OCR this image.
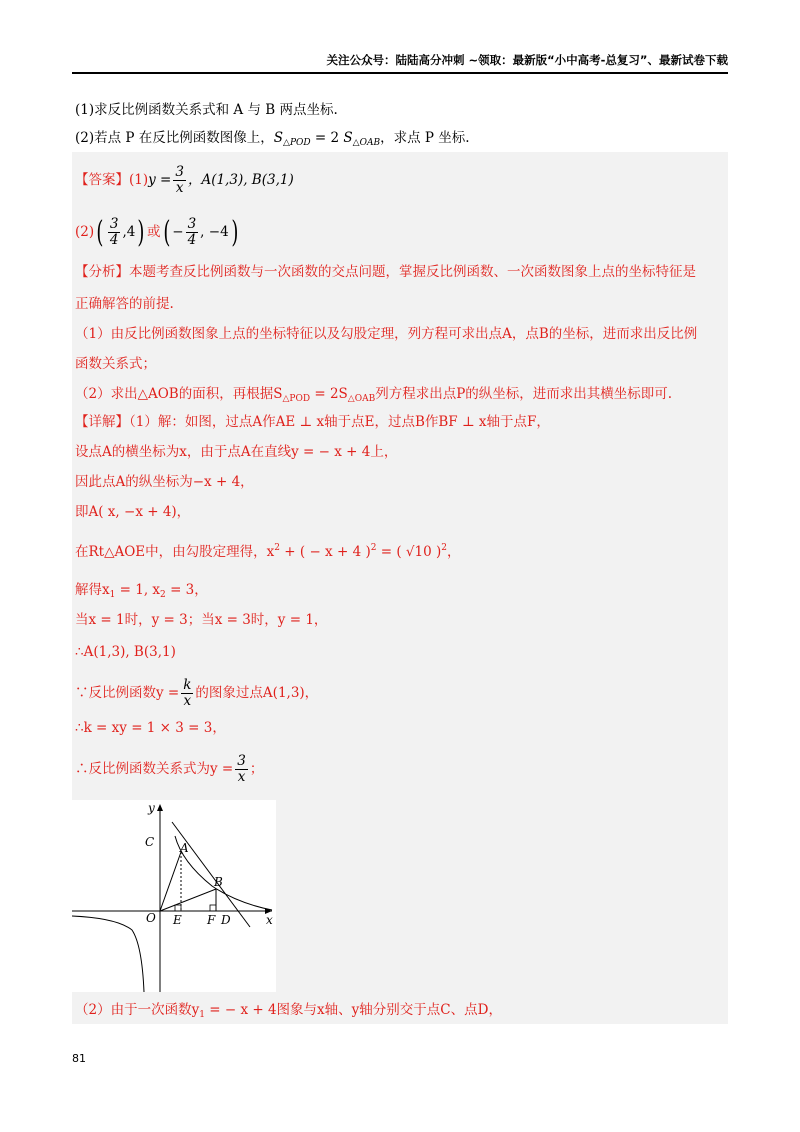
关注公众号：陆陆高分冲刺 ~领取：最新版“小中高考-总复习”、最新试卷下载
(1)求反比例函数关系式和 A 与 B 两点坐标.
(2)若点 P 在反比例函数图像上，$S_{\triangle POD} = 2$ $S_{\triangle OAB}$，求点 P 坐标.
【答案】$(1)y = \frac{3}{x}$ ，A(1,3), B(3,1)
$(2)( \frac{3}{4} ,4)$ 或( − $\frac{3}{4}$ , −4)
【分析】本题考查反比例函数与一次函数的交点问题，掌握反比例函数、一次函数图象上点的坐标特征是
正确解答的前提.
（1）由反比例函数图象上点的坐标特征以及勾股定理，列方程可求出点A，点B的坐标，进而求出反比例
函数关系式；
（2）求出△AOB的面积，再根据$S_{\triangle POD} = 2S_{\triangle OAB}$列方程求出点P的纵坐标，进而求出其横坐标即可.
【详解】（1）解：如图，过点A作AE ⊥ x轴于点E，过点B作BF ⊥ x轴于点F，
设点A的横坐标为x，由于点A在直线y = − x + 4上，
因此点A的纵坐标为−x + 4，
即A( x, −x + 4)，
在Rt△AOE中，由勾股定理得，$x^2$ + ( − x + 4 )$^2$ = ( √10 )$^2$，
解得$x_1 = 1$, $x_2 = 3$，
当x = 1时，y = 3；当x = 3时，y = 1，
∴A(1,3), B(3,1)
∵反比例函数$y = \frac{k}{x}$ 的图象过点A(1,3)，
∴k = xy = 1 × 3 = 3，
∴反比例函数关系式为$y = \frac{3}{x}$ ；
（2）由于一次函数$y_1$ = − x + 4图象与x轴、y轴分别交于点C、点D，
y
x
O
C A
B
E F D
81
